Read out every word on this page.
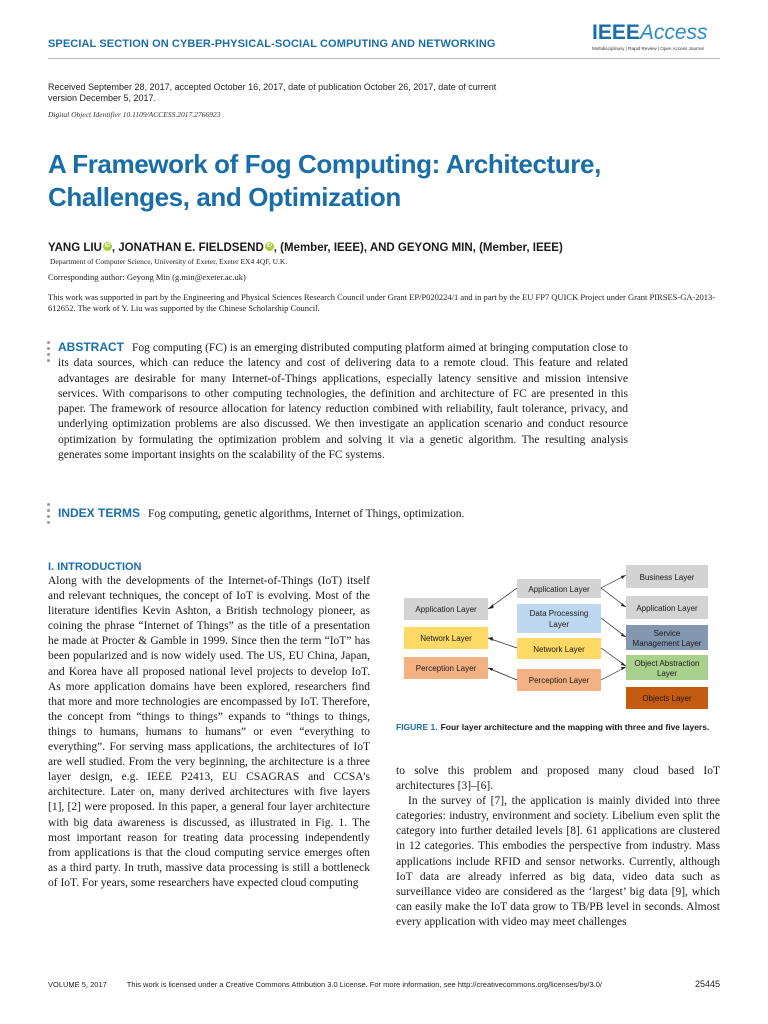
SPECIAL SECTION ON CYBER-PHYSICAL-SOCIAL COMPUTING AND NETWORKING	IEEEAccess
Multidisciplinary | Rapid Review | Open Access Journal
Received September 28, 2017, accepted October 16, 2017, date of publication October 26, 2017, date of current version December 5, 2017.
Digital Object Identifier 10.1109/ACCESS.2017.2766923
A Framework of Fog Computing: Architecture, Challenges, and Optimization
YANG LIU iD , JONATHAN E. FIELDSEND iD , (Member, IEEE), AND GEYONG MIN, (Member, IEEE)
Department of Computer Science, University of Exeter, Exeter EX4 4QF, U.K.
Corresponding author: Geyong Min (g.min@exeter.ac.uk)
This work was supported in part by the Engineering and Physical Sciences Research Council under Grant EP/P020224/1 and in part by the EU FP7 QUICK Project under Grant PIRSES-GA-2013-612652. The work of Y. Liu was supported by the Chinese Scholarship Council.
ABSTRACT Fog computing (FC) is an emerging distributed computing platform aimed at bringing computation close to its data sources, which can reduce the latency and cost of delivering data to a remote cloud. This feature and related advantages are desirable for many Internet-of-Things applications, especially latency sensitive and mission intensive services. With comparisons to other computing technologies, the definition and architecture of FC are presented in this paper. The framework of resource allocation for latency reduction combined with reliability, fault tolerance, privacy, and underlying optimization problems are also discussed. We then investigate an application scenario and conduct resource optimization by formulating the optimization problem and solving it via a genetic algorithm. The resulting analysis generates some important insights on the scalability of the FC systems.
INDEX TERMS Fog computing, genetic algorithms, Internet of Things, optimization.
I. INTRODUCTION
Along with the developments of the Internet-of-Things (IoT) itself and relevant techniques, the concept of IoT is evolving. Most of the literature identifies Kevin Ashton, a British technology pioneer, as coining the phrase “Internet of Things” as the title of a presentation he made at Procter & Gamble in 1999. Since then the term “IoT” has been popularized and is now widely used. The US, EU China, Japan, and Korea have all proposed national level projects to develop IoT. As more application domains have been explored, researchers find that more and more technologies are encompassed by IoT. Therefore, the concept from “things to things” expands to “things to things, things to humans, humans to humans” or even “everything to everything”. For serving mass applications, the architectures of IoT are well studied. From the very beginning, the architecture is a three layer design, e.g. IEEE P2413, EU CSAGRAS and CCSA’s architecture. Later on, many derived architectures with five layers [1], [2] were proposed. In this paper, a general four layer architecture with big data awareness is discussed, as illustrated in Fig. 1. The most important reason for treating data processing independently from applications is that the cloud computing service emerges often as a third party. In truth, massive data processing is still a bottleneck of IoT. For years, some researchers have expected cloud computing
Application Layer
Network Layer
Perception Layer
Application Layer
Data Processing
Layer
Network Layer
Perception Layer
Business Layer
Application Layer
Service
Management Layer
Object Abstraction
Layer
Objects Layer
FIGURE 1. Four layer architecture and the mapping with three and five layers.

to solve this problem and proposed many cloud based IoT architectures [3]–[6].

In the survey of [7], the application is mainly divided into three categories: industry, environment and society. Libelium even split the category into further detailed levels [8]. 61 applications are clustered in 12 categories. This embodies the perspective from industry. Mass applications include RFID and sensor networks. Currently, although IoT data are already inferred as big data, video data such as surveillance video are considered as the ‘largest’ big data [9], which can easily make the IoT data grow to TB/PB level in seconds. Almost every application with video may meet challenges

VOLUME 5, 2017	This work is licensed under a Creative Commons Attribution 3.0 License. For more information, see http://creativecommons.org/licenses/by/3.0/	25445
